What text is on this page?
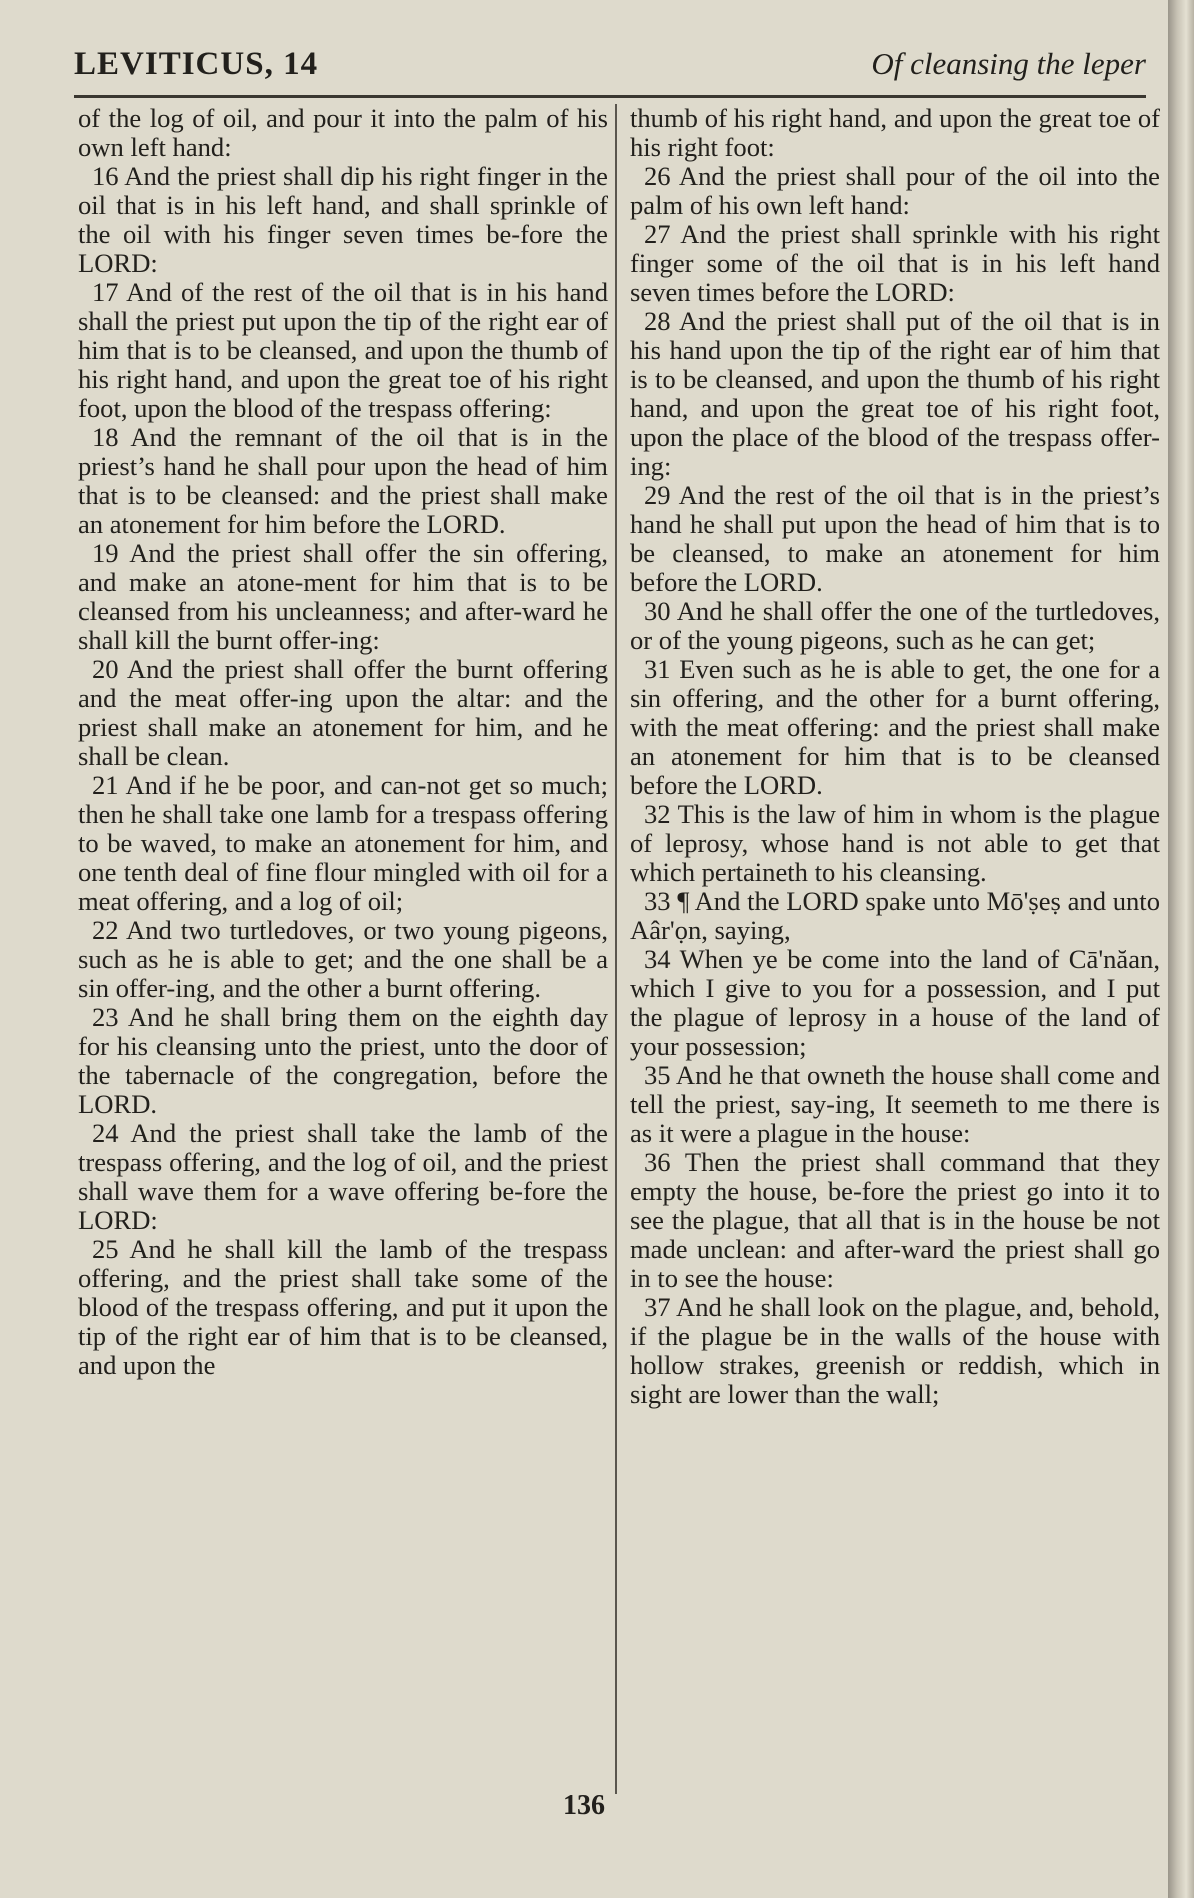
LEVITICUS, 14	Of cleansing the leper

of the log of oil, and pour it into the palm of his own left hand:

16 And the priest shall dip his right finger in the oil that is in his left hand, and shall sprinkle of the oil with his finger seven times be-fore the LORD:

17 And of the rest of the oil that is in his hand shall the priest put upon the tip of the right ear of him that is to be cleansed, and upon the thumb of his right hand, and upon the great toe of his right foot, upon the blood of the trespass offering:

18 And the remnant of the oil that is in the priest’s hand he shall pour upon the head of him that is to be cleansed: and the priest shall make an atonement for him before the LORD.

19 And the priest shall offer the sin offering, and make an atone-ment for him that is to be cleansed from his uncleanness; and after-ward he shall kill the burnt offer-ing:

20 And the priest shall offer the burnt offering and the meat offer-ing upon the altar: and the priest shall make an atonement for him, and he shall be clean.

21 And if he be poor, and can-not get so much; then he shall take one lamb for a trespass offering to be waved, to make an atonement for him, and one tenth deal of fine flour mingled with oil for a meat offering, and a log of oil;

22 And two turtledoves, or two young pigeons, such as he is able to get; and the one shall be a sin offer-ing, and the other a burnt offering.

23 And he shall bring them on the eighth day for his cleansing unto the priest, unto the door of the tabernacle of the congregation, before the LORD.

24 And the priest shall take the lamb of the trespass offering, and the log of oil, and the priest shall wave them for a wave offering be-fore the LORD:

25 And he shall kill the lamb of the trespass offering, and the priest shall take some of the blood of the trespass offering, and put it upon the tip of the right ear of him that is to be cleansed, and upon the

thumb of his right hand, and upon the great toe of his right foot:

26 And the priest shall pour of the oil into the palm of his own left hand:

27 And the priest shall sprinkle with his right finger some of the oil that is in his left hand seven times before the LORD:

28 And the priest shall put of the oil that is in his hand upon the tip of the right ear of him that is to be cleansed, and upon the thumb of his right hand, and upon the great toe of his right foot, upon the place of the blood of the trespass offer-ing:

29 And the rest of the oil that is in the priest’s hand he shall put upon the head of him that is to be cleansed, to make an atonement for him before the LORD.

30 And he shall offer the one of the turtledoves, or of the young pigeons, such as he can get;

31 Even such as he is able to get, the one for a sin offering, and the other for a burnt offering, with the meat offering: and the priest shall make an atonement for him that is to be cleansed before the LORD.

32 This is the law of him in whom is the plague of leprosy, whose hand is not able to get that which pertaineth to his cleansing.

33 ¶ And the LORD spake unto Mō'ṣeṣ and unto Aâr'ọn, saying,

34 When ye be come into the land of Cā'năan, which I give to you for a possession, and I put the plague of leprosy in a house of the land of your possession;

35 And he that owneth the house shall come and tell the priest, say-ing, It seemeth to me there is as it were a plague in the house:

36 Then the priest shall command that they empty the house, be-fore the priest go into it to see the plague, that all that is in the house be not made unclean: and after-ward the priest shall go in to see the house:

37 And he shall look on the plague, and, behold, if the plague be in the walls of the house with hollow strakes, greenish or reddish, which in sight are lower than the wall;

136
